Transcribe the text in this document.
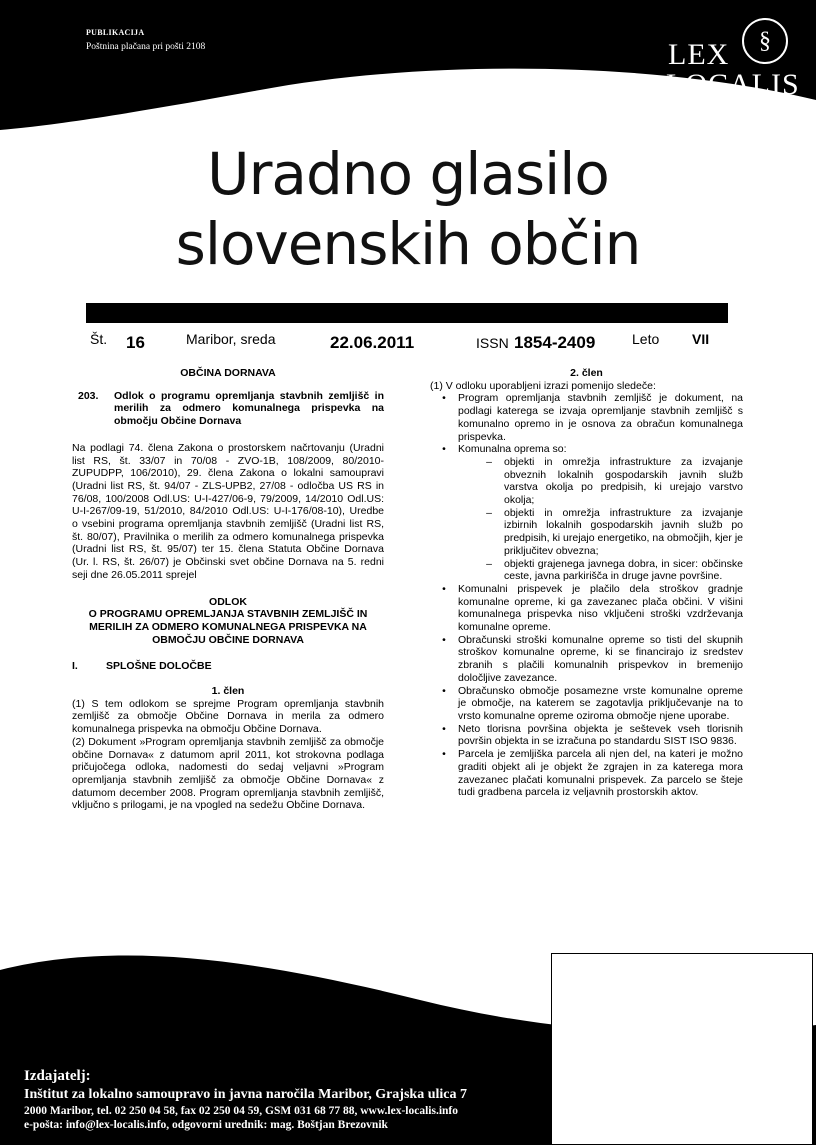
PUBLIKACIJA
Poštnina plačana pri pošti 2108	§
LEX
LOCALIS
Uradno glasilo
slovenskih občin
Št. 16	Maribor, sreda	22.06.2011	ISSN 1854-2409	Leto VII

OBČINA DORNAVA

203.	Odlok o programu opremljanja stavbnih zemljišč in merilih za odmero komunalnega prispevka na območju Občine Dornava

Na podlagi 74. člena Zakona o prostorskem načrtovanju (Uradni list RS, št. 33/07 in 70/08 - ZVO-1B, 108/2009, 80/2010-ZUPUDPP, 106/2010), 29. člena Zakona o lokalni samoupravi (Uradni list RS, št. 94/07 - ZLS-UPB2, 27/08 - odločba US RS in 76/08, 100/2008 Odl.US: U-I-427/06-9, 79/2009, 14/2010 Odl.US: U-I-267/09-19, 51/2010, 84/2010 Odl.US: U-I-176/08-10), Uredbe o vsebini programa opremljanja stavbnih zemljišč (Uradni list RS, št. 80/07), Pravilnika o merilih za odmero komunalnega prispevka (Uradni list RS, št. 95/07) ter 15. člena Statuta Občine Dornava (Ur. l. RS, št. 26/07) je Občinski svet občine Dornava na 5. redni seji dne 26.05.2011 sprejel

ODLOK

O PROGRAMU OPREMLJANJA STAVBNIH ZEMLJIŠČ IN MERILIH ZA ODMERO KOMUNALNEGA PRISPEVKA NA OBMOČJU OBČINE DORNAVA

I.	SPLOŠNE DOLOČBE

1. člen

(1) S tem odlokom se sprejme Program opremljanja stavbnih zemljišč za območje Občine Dornava in merila za odmero komunalnega prispevka na območju Občine Dornava.

(2) Dokument »Program opremljanja stavbnih zemljišč za območje občine Dornava« z datumom april 2011, kot strokovna podlaga pričujočega odloka, nadomesti do sedaj veljavni »Program opremljanja stavbnih zemljišč za območje Občine Dornava« z datumom december 2008. Program opremljanja stavbnih zemljišč, vključno s prilogami, je na vpogled na sedežu Občine Dornava.

2. člen

(1) V odloku uporabljeni izrazi pomenijo sledeče:

•	Program opremljanja stavbnih zemljišč je dokument, na podlagi katerega se izvaja opremljanje stavbnih zemljišč s komunalno opremo in je osnova za obračun komunalnega prispevka.
•	Komunalna oprema so:
–	objekti in omrežja infrastrukture za izvajanje obveznih lokalnih gospodarskih javnih služb varstva okolja po predpisih, ki urejajo varstvo okolja;
–	objekti in omrežja infrastrukture za izvajanje izbirnih lokalnih gospodarskih javnih služb po predpisih, ki urejajo energetiko, na območjih, kjer je priključitev obvezna;
–	objekti grajenega javnega dobra, in sicer: občinske ceste, javna parkirišča in druge javne površine.
•	Komunalni prispevek je plačilo dela stroškov gradnje komunalne opreme, ki ga zavezanec plača občini. V višini komunalnega prispevka niso vključeni stroški vzdrževanja komunalne opreme.
•	Obračunski stroški komunalne opreme so tisti del skupnih stroškov komunalne opreme, ki se financirajo iz sredstev zbranih s plačili komunalnih prispevkov in bremenijo določljive zavezance.
•	Obračunsko območje posamezne vrste komunalne opreme je območje, na katerem se zagotavlja priključevanje na to vrsto komunalne opreme oziroma območje njene uporabe.
•	Neto tlorisna površina objekta je seštevek vseh tlorisnih površin objekta in se izračuna po standardu SIST ISO 9836.
•	Parcela je zemljiška parcela ali njen del, na kateri je možno graditi objekt ali je objekt že zgrajen in za katerega mora zavezanec plačati komunalni prispevek. Za parcelo se šteje tudi gradbena parcela iz veljavnih prostorskih aktov.
Izdajatelj:
Inštitut za lokalno samoupravo in javna naročila Maribor, Grajska ulica 7
2000 Maribor, tel. 02 250 04 58, fax 02 250 04 59, GSM 031 68 77 88, www.lex-localis.info
e-pošta: info@lex-localis.info, odgovorni urednik: mag. Boštjan Brezovnik
